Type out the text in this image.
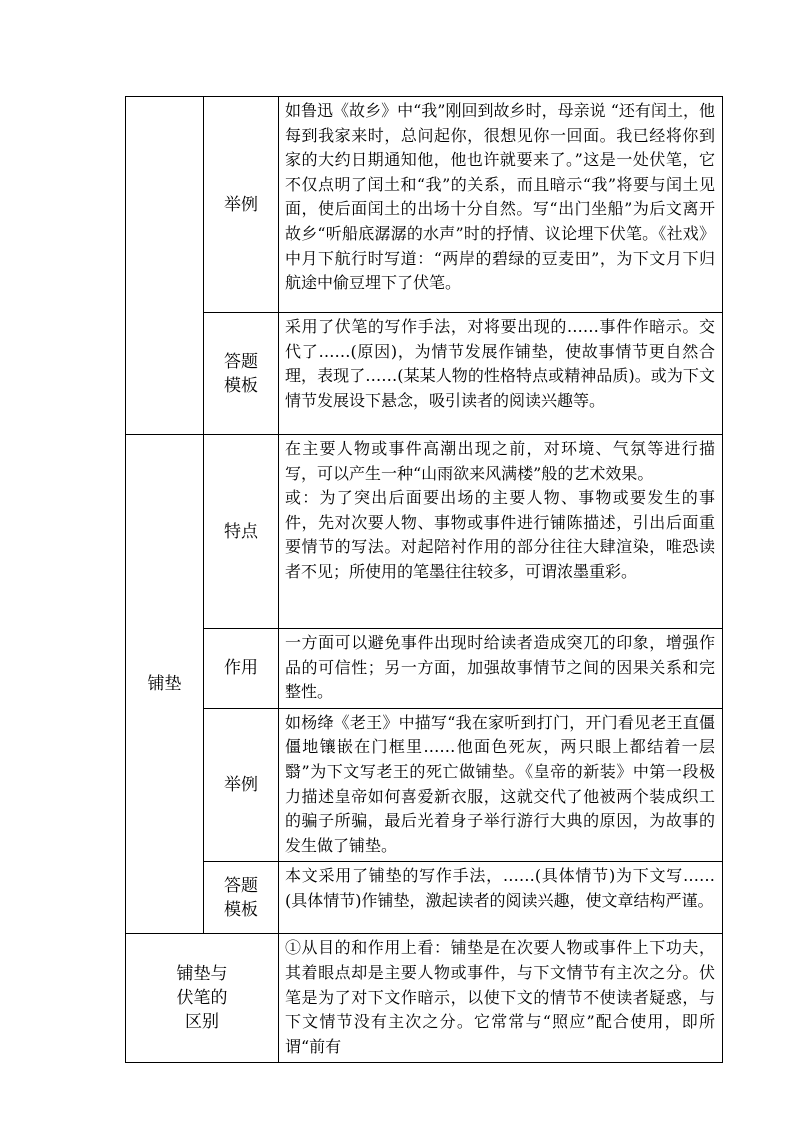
	举例	如鲁迅《故乡》中“我”刚回到故乡时，母亲说 “还有闰土，他每到我家来时，总问起你，很想见你一回面。我已经将你到家的大约日期通知他，他也许就要来了。”这是一处伏笔，它不仅点明了闰土和“我”的关系，而且暗示“我”将要与闰土见面，使后面闰土的出场十分自然。写“出门坐船”为后文离开故乡“听船底潺潺的水声”时的抒情、议论埋下伏笔。《社戏》中月下航行时写道：“两岸的碧绿的豆麦田”，为下文月下归航途中偷豆埋下了伏笔。

	答题
模板	采用了伏笔的写作手法，对将要出现的……事件作暗示。交代了……(原因)，为情节发展作铺垫，使故事情节更自然合理，表现了……(某某人物的性格特点或精神品质)。或为下文情节发展设下悬念，吸引读者的阅读兴趣等。

铺垫	特点	在主要人物或事件高潮出现之前，对环境、气氛等进行描写，可以产生一种“山雨欲来风满楼”般的艺术效果。

或：为了突出后面要出场的主要人物、事物或要发生的事件，先对次要人物、事物或事件进行铺陈描述，引出后面重要情节的写法。对起陪衬作用的部分往往大肆渲染，唯恐读者不见；所使用的笔墨往往较多，可谓浓墨重彩。

	作用	一方面可以避免事件出现时给读者造成突兀的印象，增强作品的可信性；另一方面，加强故事情节之间的因果关系和完整性。

	举例	如杨绛《老王》中描写“我在家听到打门，开门看见老王直僵僵地镶嵌在门框里……他面色死灰，两只眼上都结着一层翳”为下文写老王的死亡做铺垫。《皇帝的新装》中第一段极力描述皇帝如何喜爱新衣服，这就交代了他被两个装成织工的骗子所骗，最后光着身子举行游行大典的原因，为故事的发生做了铺垫。

	答题
模板	本文采用了铺垫的写作手法，……(具体情节)为下文写……(具体情节)作铺垫，激起读者的阅读兴趣，使文章结构严谨。

铺垫与
伏笔的
区别		①从目的和作用上看：铺垫是在次要人物或事件上下功夫，其着眼点却是主要人物或事件，与下文情节有主次之分。伏笔是为了对下文作暗示，以使下文的情节不使读者疑惑，与下文情节没有主次之分。它常常与“照应”配合使用，即所谓“前有
